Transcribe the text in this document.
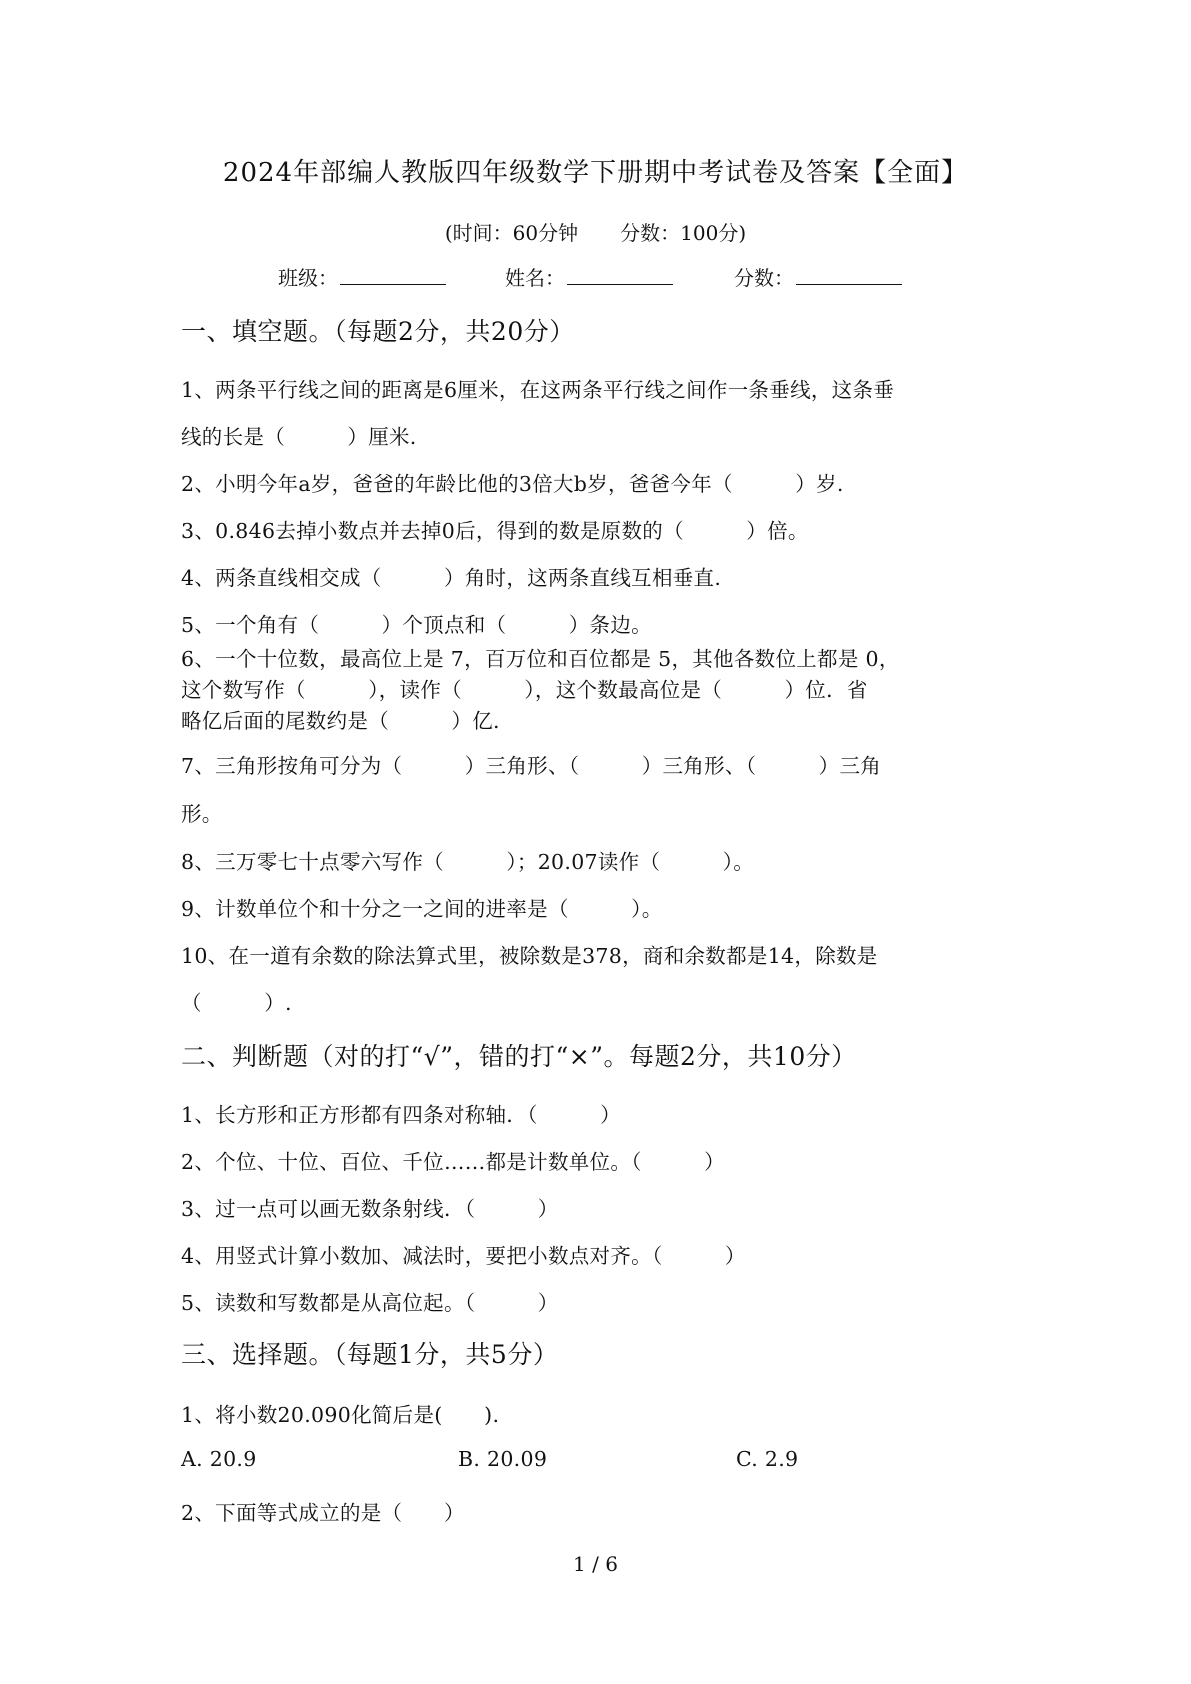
2024年部编人教版四年级数学下册期中考试卷及答案【全面】
(时间：60分钟 分数：100分)
班级：	姓名：	分数：
一、填空题。（每题2分，共20分）
1、两条平行线之间的距离是6厘米，在这两条平行线之间作一条垂线，这条垂
线的长是（　　　）厘米.
2、小明今年a岁，爸爸的年龄比他的3倍大b岁，爸爸今年（　　　）岁.
3、0.846去掉小数点并去掉0后，得到的数是原数的（　　　）倍。
4、两条直线相交成（　　　）角时，这两条直线互相垂直.
5、一个角有（　　　）个顶点和（　　　）条边。
6、一个十位数，最高位上是 7，百万位和百位都是 5，其他各数位上都是 0，
这个数写作（　　　），读作（　　　），这个数最高位是（　　　）位．省
略亿后面的尾数约是（　　　）亿.
7、三角形按角可分为（　　　）三角形、（　　　）三角形、（　　　）三角
形。
8、三万零七十点零六写作（　　　）；20.07读作（　　　）。
9、计数单位个和十分之一之间的进率是（　　　）。
10、在一道有余数的除法算式里，被除数是378，商和余数都是14，除数是
（　　　）.
二、判断题（对的打“√”，错的打“×”。每题2分，共10分）
1、长方形和正方形都有四条对称轴．（　　　）
2、个位、十位、百位、千位……都是计数单位。（　　　）
3、过一点可以画无数条射线．（　　　）
4、用竖式计算小数加、减法时，要把小数点对齐。（　　　）
5、读数和写数都是从高位起。（　　　）
三、选择题。（每题1分，共5分）
1、将小数20.090化简后是(　　).
A. 20.9	B. 20.09	C. 2.9
2、下面等式成立的是（　　）
1 / 6
